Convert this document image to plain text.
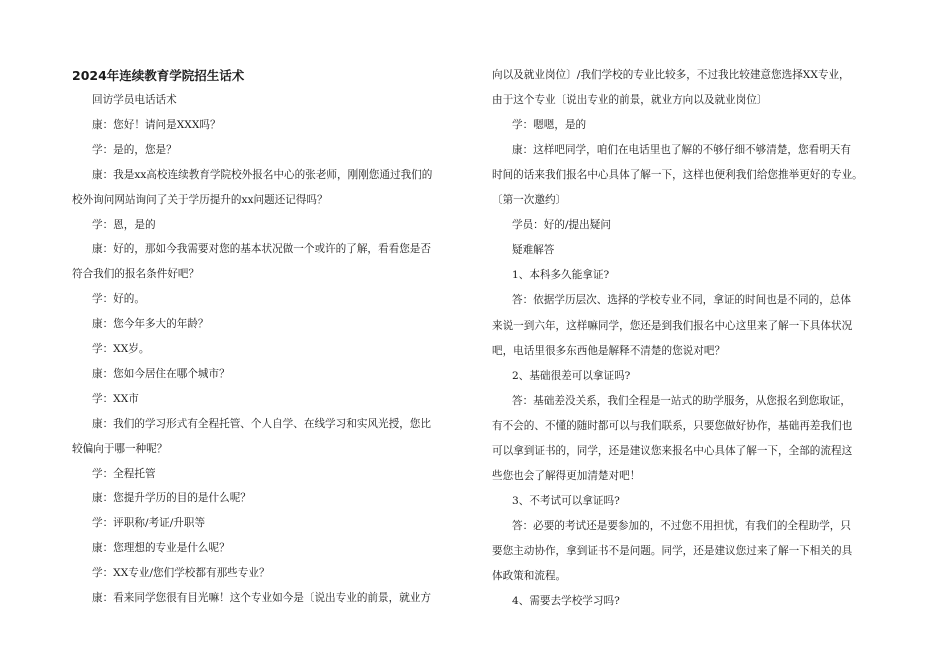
2024年连续教育学院招生话术
回访学员电话话术
康：您好！请问是XXX吗？
学：是的，您是？
康：我是xx高校连续教育学院校外报名中心的张老师，刚刚您通过我们的
校外询问网站询问了关于学历提升的xx问题还记得吗？
学：恩，是的
康：好的，那如今我需要对您的基本状况做一个或许的了解，看看您是否
符合我们的报名条件好吧？
学：好的。
康：您今年多大的年龄？
学：XX岁。
康：您如今居住在哪个城市？
学：XX市
康：我们的学习形式有全程托管、个人自学、在线学习和实风光授，您比
较偏向于哪一种呢？
学：全程托管
康：您提升学历的目的是什么呢？
学：评职称/考证/升职等
康：您理想的专业是什么呢？
学：XX专业/您们学校都有那些专业？
康：看来同学您很有目光嘛！这个专业如今是〔说出专业的前景，就业方
向以及就业岗位〕/我们学校的专业比较多，不过我比较建意您选择XX专业，
由于这个专业〔说出专业的前景，就业方向以及就业岗位〕
学：嗯嗯，是的
康：这样吧同学，咱们在电话里也了解的不够仔细不够清楚，您看明天有
时间的话来我们报名中心具体了解一下，这样也便利我们给您推举更好的专业。
〔第一次邀约〕
学员：好的/提出疑问
疑难解答
1、本科多久能拿证?
答：依据学历层次、选择的学校专业不同，拿证的时间也是不同的，总体
来说一到六年，这样嘛同学，您还是到我们报名中心这里来了解一下具体状况
吧，电话里很多东西他是解释不清楚的您说对吧？
2、基础很差可以拿证吗?
答：基础差没关系，我们全程是一站式的助学服务，从您报名到您取证，
有不会的、不懂的随时都可以与我们联系，只要您做好协作，基础再差我们也
可以拿到证书的，同学，还是建议您来报名中心具体了解一下，全部的流程这
些您也会了解得更加清楚对吧！
3、不考试可以拿证吗?
答：必要的考试还是要参加的，不过您不用担忧，有我们的全程助学，只
要您主动协作，拿到证书不是问题。同学，还是建议您过来了解一下相关的具
体政策和流程。
4、需要去学校学习吗?
